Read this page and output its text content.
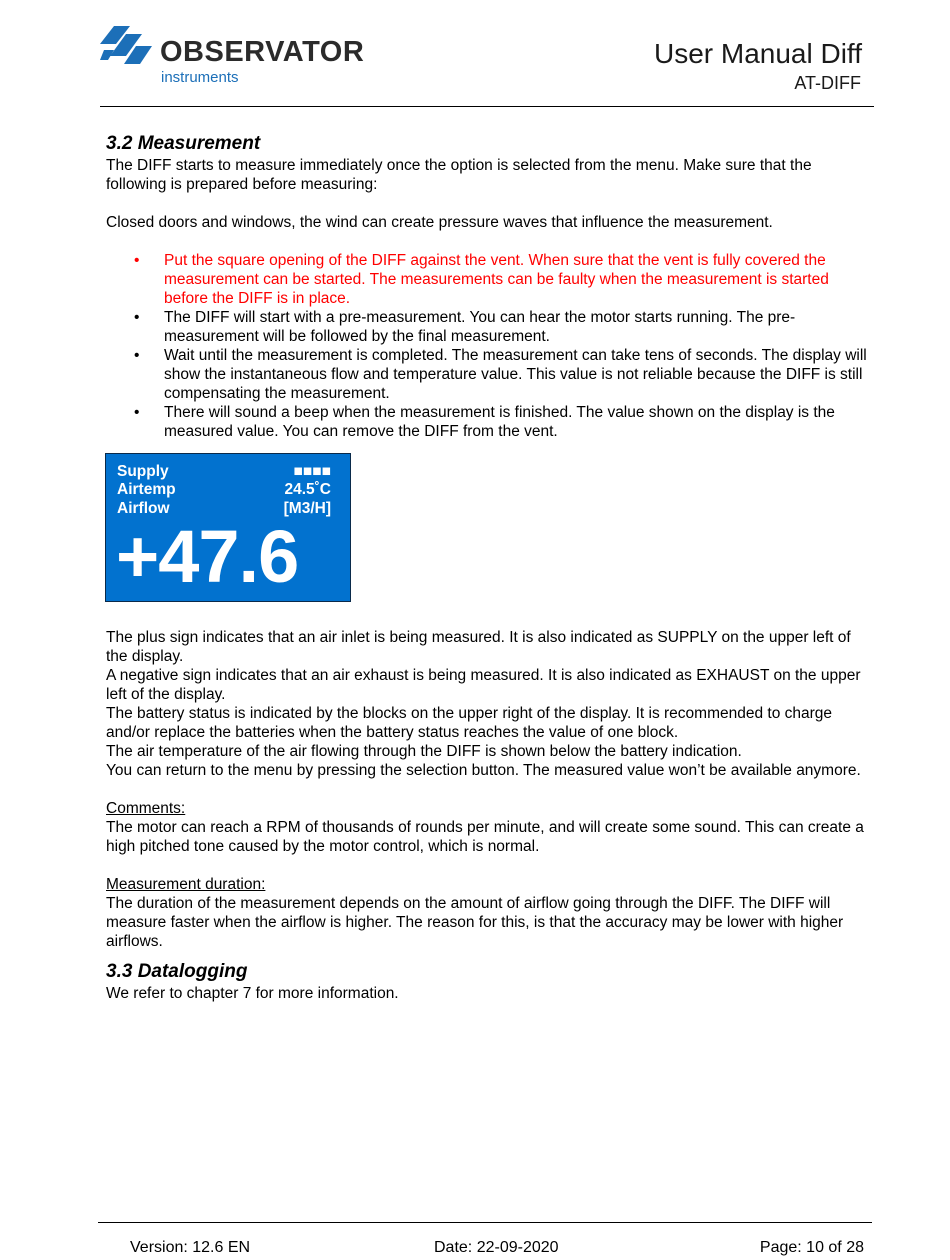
OBSERVATOR
instruments
User Manual Diff
AT-DIFF
3.2 Measurement

The DIFF starts to measure immediately once the option is selected from the menu. Make sure that the following is prepared before measuring:

Closed doors and windows, the wind can create pressure waves that influence the measurement.

• Put the square opening of the DIFF against the vent. When sure that the vent is fully covered the measurement can be started. The measurements can be faulty when the measurement is started before the DIFF is in place.
• The DIFF will start with a pre-measurement. You can hear the motor starts running. The pre-measurement will be followed by the final measurement.
• Wait until the measurement is completed. The measurement can take tens of seconds. The display will show the instantaneous flow and temperature value. This value is not reliable because the DIFF is still compensating the measurement.
• There will sound a beep when the measurement is finished. The value shown on the display is the measured value. You can remove the DIFF from the vent.
Supply	■■■■
Airtemp	24.5˚C
Airflow	[M3/H]
+47.6

The plus sign indicates that an air inlet is being measured. It is also indicated as SUPPLY on the upper left of the display.

A negative sign indicates that an air exhaust is being measured. It is also indicated as EXHAUST on the upper left of the display.

The battery status is indicated by the blocks on the upper right of the display. It is recommended to charge and/or replace the batteries when the battery status reaches the value of one block.

The air temperature of the air flowing through the DIFF is shown below the battery indication.

You can return to the menu by pressing the selection button. The measured value won’t be available anymore.

Comments:

The motor can reach a RPM of thousands of rounds per minute, and will create some sound. This can create a high pitched tone caused by the motor control, which is normal.

Measurement duration:

The duration of the measurement depends on the amount of airflow going through the DIFF. The DIFF will measure faster when the airflow is higher. The reason for this, is that the accuracy may be lower with higher airflows.

3.3 Datalogging

We refer to chapter 7 for more information.

Version: 12.6 EN	Date: 22-09-2020	Page: 10 of 28
